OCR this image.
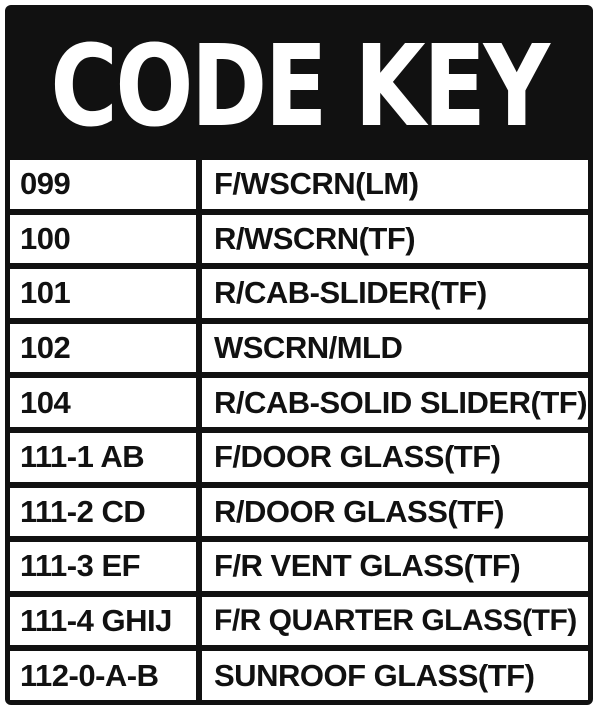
CODE KEY
099	F/WSCRN(LM)
100	R/WSCRN(TF)
101	R/CAB-SLIDER(TF)
102	WSCRN/MLD
104	R/CAB-SOLID SLIDER(TF)
111-1 AB	F/DOOR GLASS(TF)
111-2 CD	R/DOOR GLASS(TF)
111-3 EF	F/R VENT GLASS(TF)
111-4 GHIJ	F/R QUARTER GLASS(TF)
112-0-A-B	SUNROOF GLASS(TF)
